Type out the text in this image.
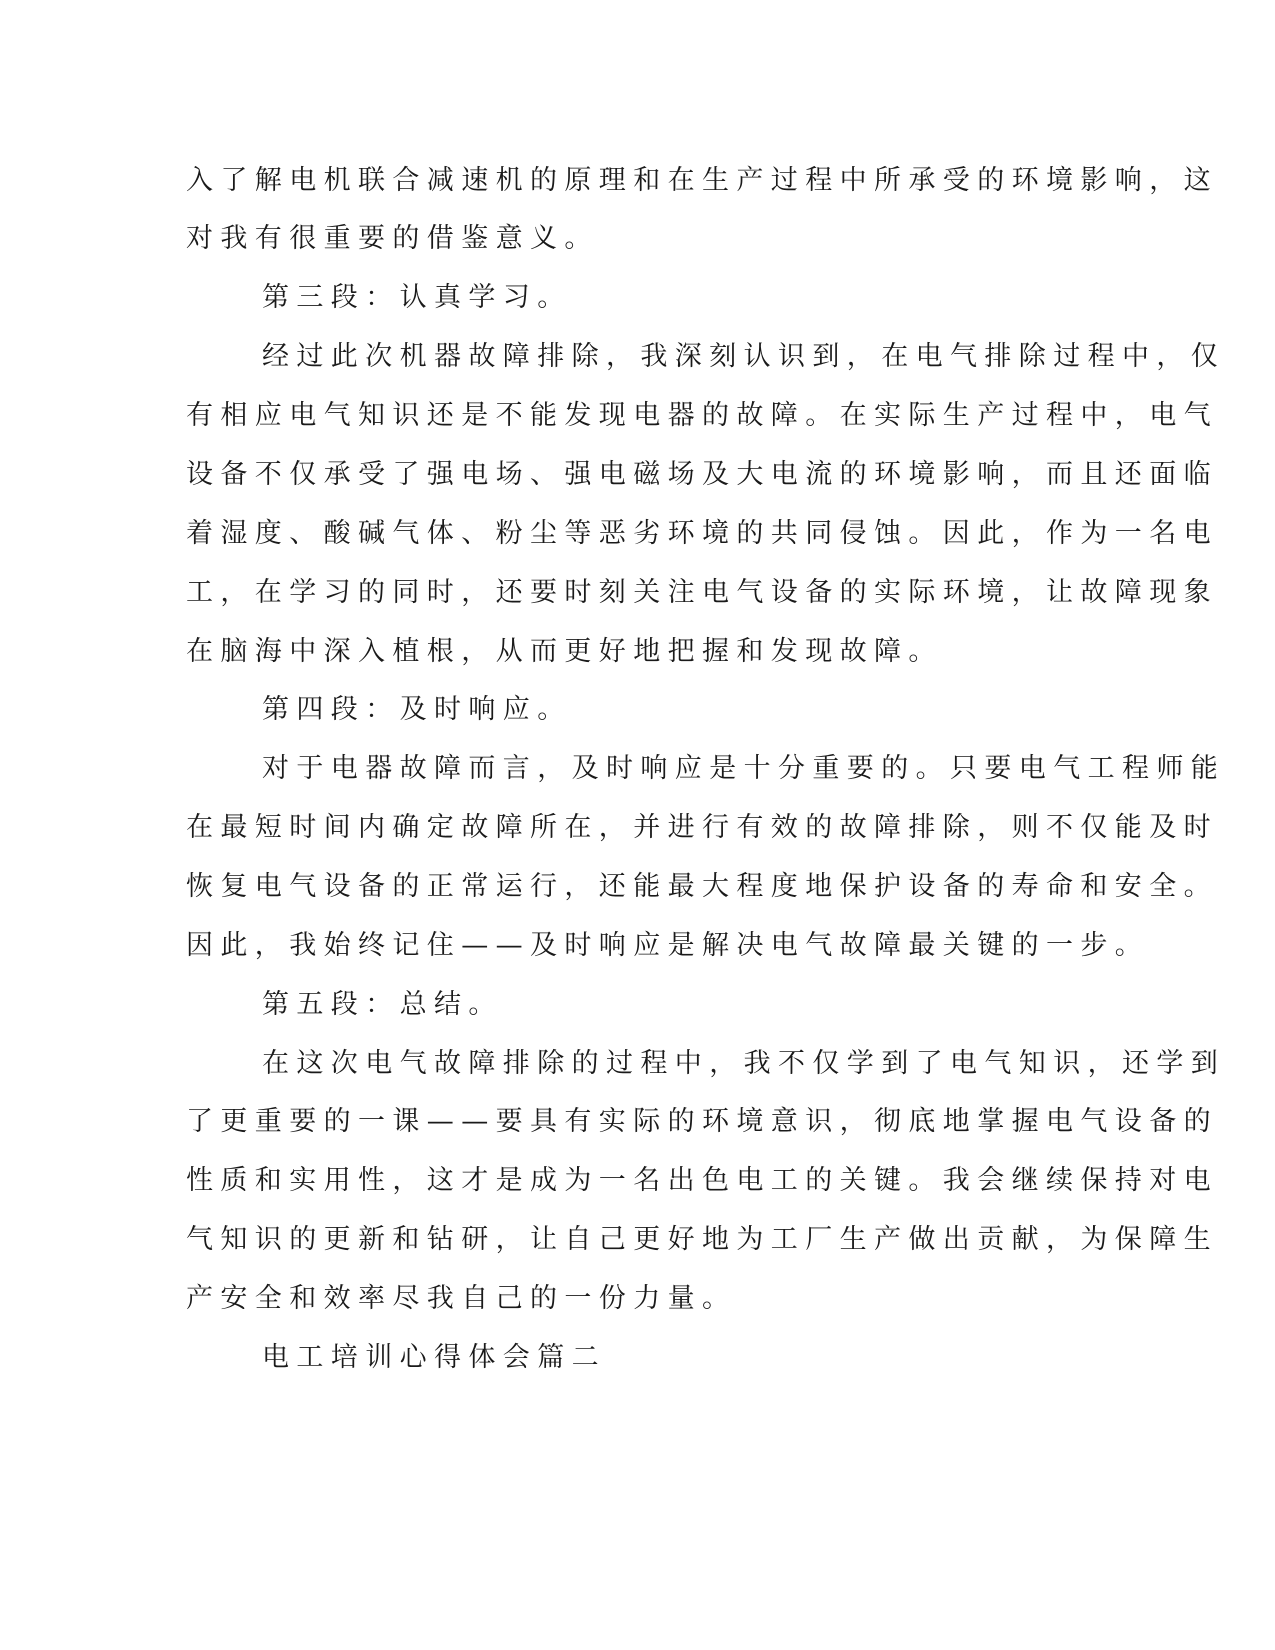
入了解电机联合减速机的原理和在生产过程中所承受的环境影响，这

对我有很重要的借鉴意义。

第三段：认真学习。

经过此次机器故障排除，我深刻认识到，在电气排除过程中，仅

有相应电气知识还是不能发现电器的故障。在实际生产过程中，电气

设备不仅承受了强电场、强电磁场及大电流的环境影响，而且还面临

着湿度、酸碱气体、粉尘等恶劣环境的共同侵蚀。因此，作为一名电

工，在学习的同时，还要时刻关注电气设备的实际环境，让故障现象

在脑海中深入植根，从而更好地把握和发现故障。

第四段：及时响应。

对于电器故障而言，及时响应是十分重要的。只要电气工程师能

在最短时间内确定故障所在，并进行有效的故障排除，则不仅能及时

恢复电气设备的正常运行，还能最大程度地保护设备的寿命和安全。

因此，我始终记住——及时响应是解决电气故障最关键的一步。

第五段：总结。

在这次电气故障排除的过程中，我不仅学到了电气知识，还学到

了更重要的一课——要具有实际的环境意识，彻底地掌握电气设备的

性质和实用性，这才是成为一名出色电工的关键。我会继续保持对电

气知识的更新和钻研，让自己更好地为工厂生产做出贡献，为保障生

产安全和效率尽我自己的一份力量。

电工培训心得体会篇二
